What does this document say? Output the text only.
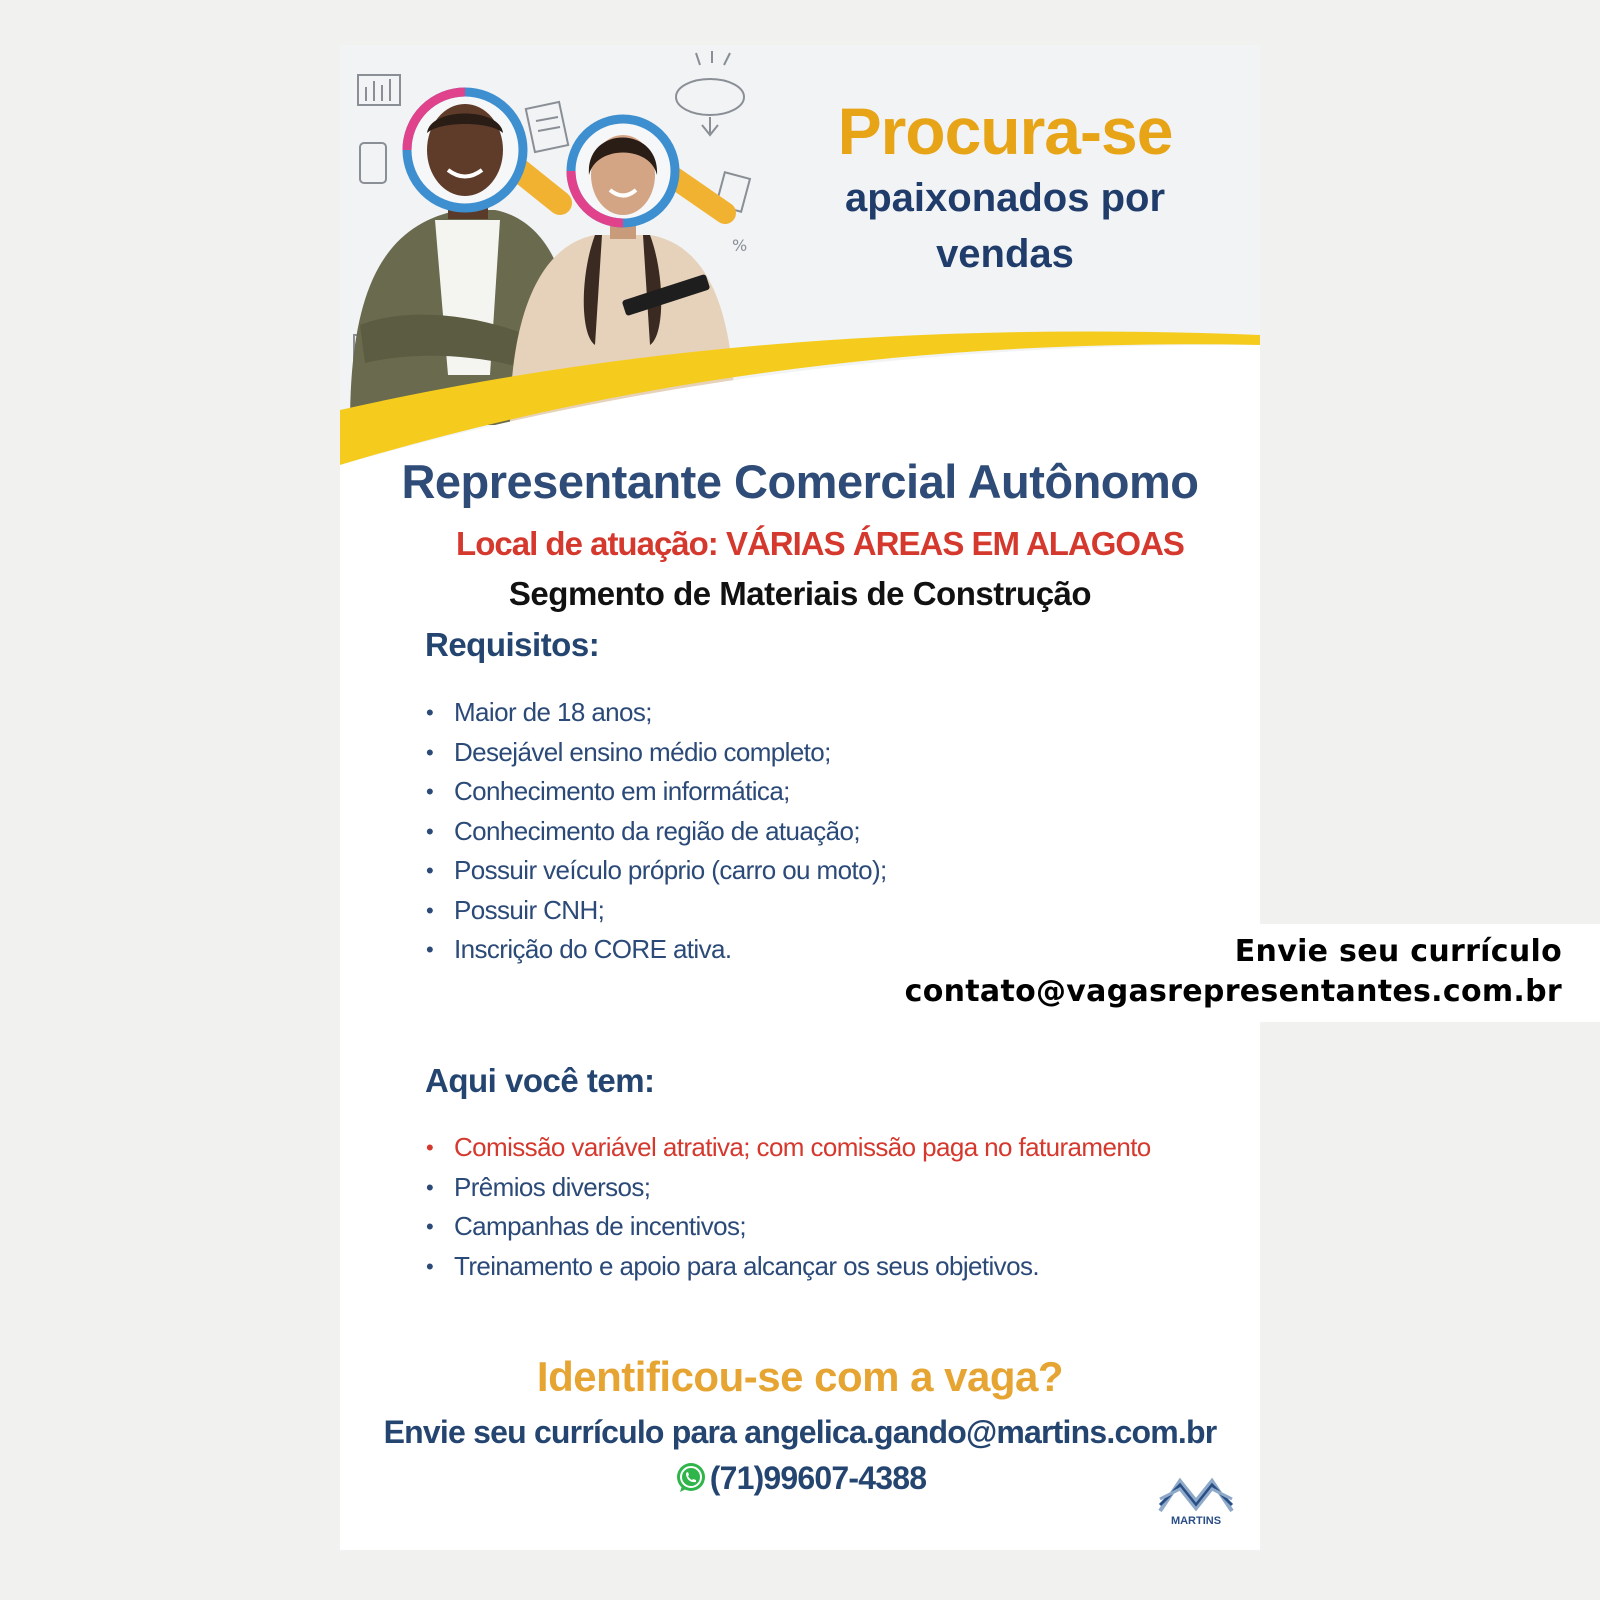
%
Procura-se
apaixonados por
vendas
Representante Comercial Autônomo
Local de atuação: VÁRIAS ÁREAS EM ALAGOAS
Segmento de Materiais de Construção
Requisitos:
• Maior de 18 anos;
• Desejável ensino médio completo;
• Conhecimento em informática;
• Conhecimento da região de atuação;
• Possuir veículo próprio (carro ou moto);
• Possuir CNH;
• Inscrição do CORE ativa.
Aqui você tem:
• Comissão variável atrativa; com comissão paga no faturamento
• Prêmios diversos;
• Campanhas de incentivos;
• Treinamento e apoio para alcançar os seus objetivos.
Identificou-se com a vaga?
Envie seu currículo para angelica.gando@martins.com.br
(71)99607-4388
MARTINS
Envie seu currículo
contato@vagasrepresentantes.com.br
